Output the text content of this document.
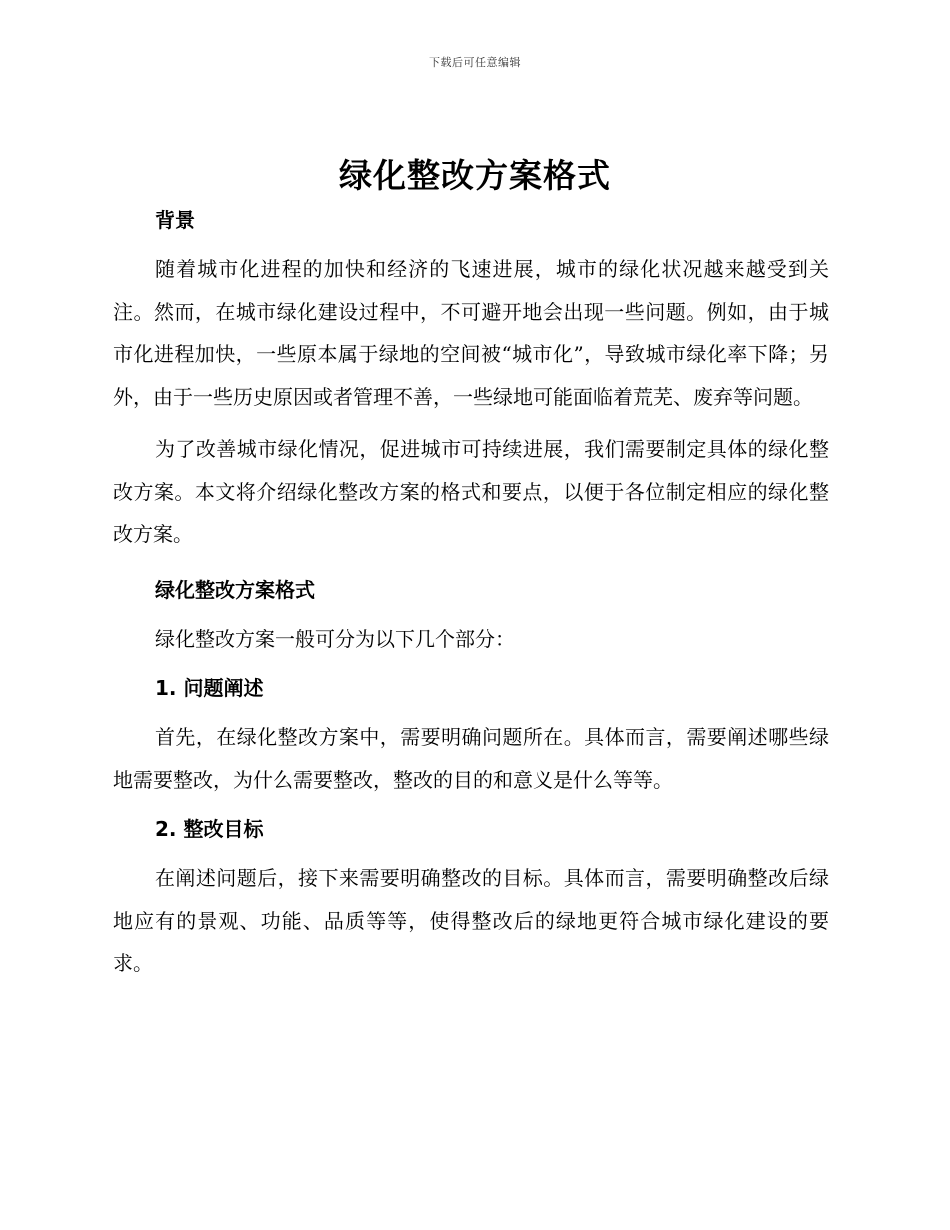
下载后可任意编辑
绿化整改方案格式
背景

随着城市化进程的加快和经济的飞速进展，城市的绿化状况越来越受到关注。然而，在城市绿化建设过程中，不可避开地会出现一些问题。例如，由于城市化进程加快，一些原本属于绿地的空间被“城市化”，导致城市绿化率下降；另外，由于一些历史原因或者管理不善，一些绿地可能面临着荒芜、废弃等问题。

为了改善城市绿化情况，促进城市可持续进展，我们需要制定具体的绿化整改方案。本文将介绍绿化整改方案的格式和要点，以便于各位制定相应的绿化整改方案。

绿化整改方案格式

绿化整改方案一般可分为以下几个部分：

1. 问题阐述

首先，在绿化整改方案中，需要明确问题所在。具体而言，需要阐述哪些绿地需要整改，为什么需要整改，整改的目的和意义是什么等等。

2. 整改目标

在阐述问题后，接下来需要明确整改的目标。具体而言，需要明确整改后绿地应有的景观、功能、品质等等，使得整改后的绿地更符合城市绿化建设的要求。
